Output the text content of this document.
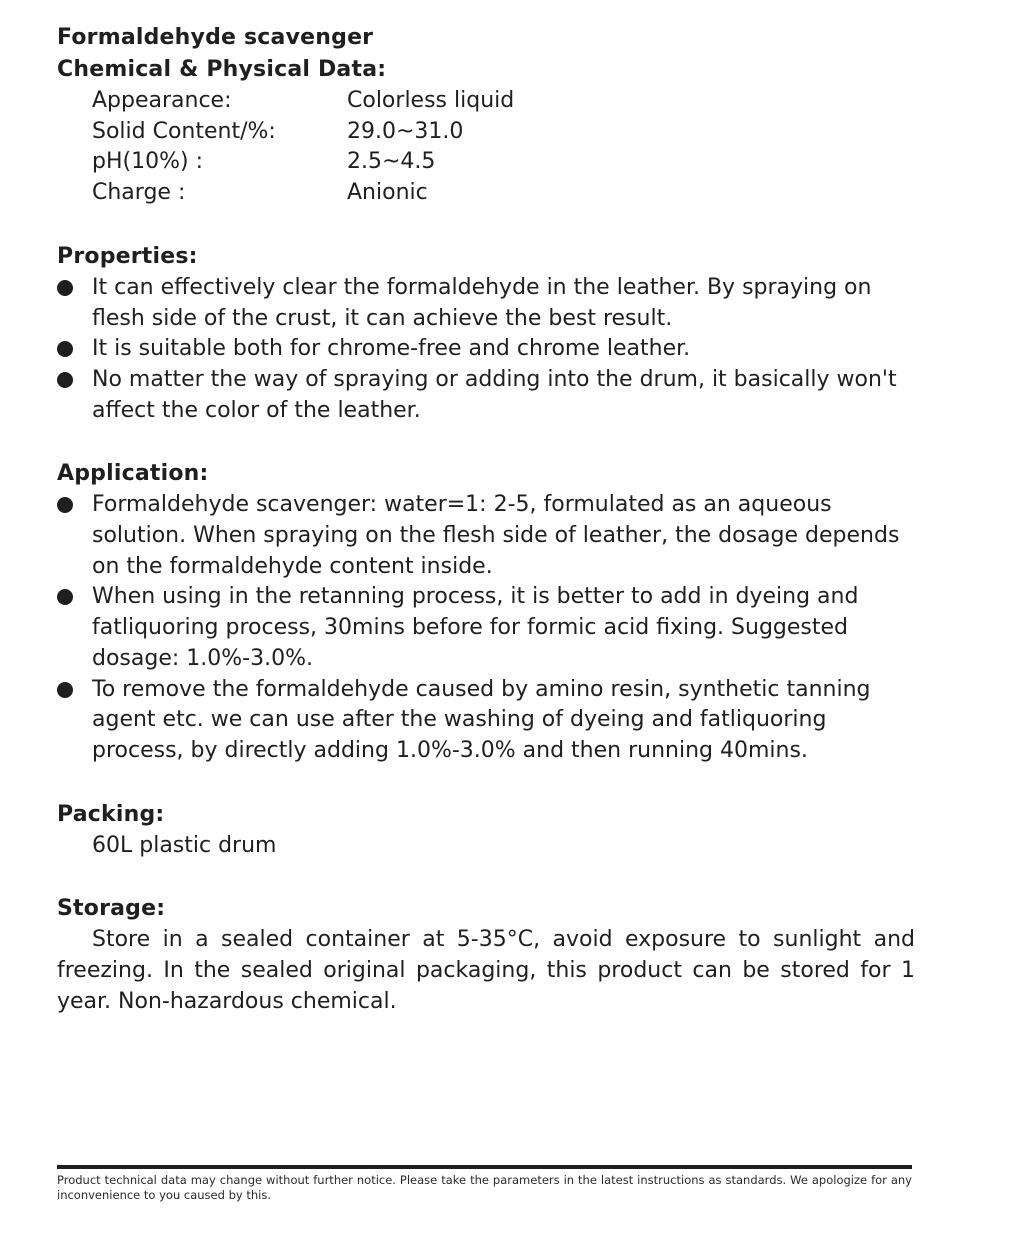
Formaldehyde scavenger
Chemical & Physical Data:
Appearance:	Colorless liquid
Solid Content/%:	29.0~31.0
pH(10%) :	2.5~4.5
Charge :	Anionic
Properties:
It can effectively clear the formaldehyde in the leather. By spraying on flesh side of the crust, it can achieve the best result.
It is suitable both for chrome-free and chrome leather.
No matter the way of spraying or adding into the drum, it basically won't affect the color of the leather.
Application:
Formaldehyde scavenger: water=1: 2-5, formulated as an aqueous solution. When spraying on the flesh side of leather, the dosage depends on the formaldehyde content inside.
When using in the retanning process, it is better to add in dyeing and fatliquoring process, 30mins before for formic acid fixing. Suggested dosage: 1.0%-3.0%.
To remove the formaldehyde caused by amino resin, synthetic tanning agent etc. we can use after the washing of dyeing and fatliquoring process, by directly adding 1.0%-3.0% and then running 40mins.
Packing:

60L plastic drum

Storage:

Store in a sealed container at 5-35°C, avoid exposure to sunlight and freezing. In the sealed original packaging, this product can be stored for 1 year. Non-hazardous chemical.

Product technical data may change without further notice. Please take the parameters in the latest instructions as standards. We apologize for any inconvenience to you caused by this.
